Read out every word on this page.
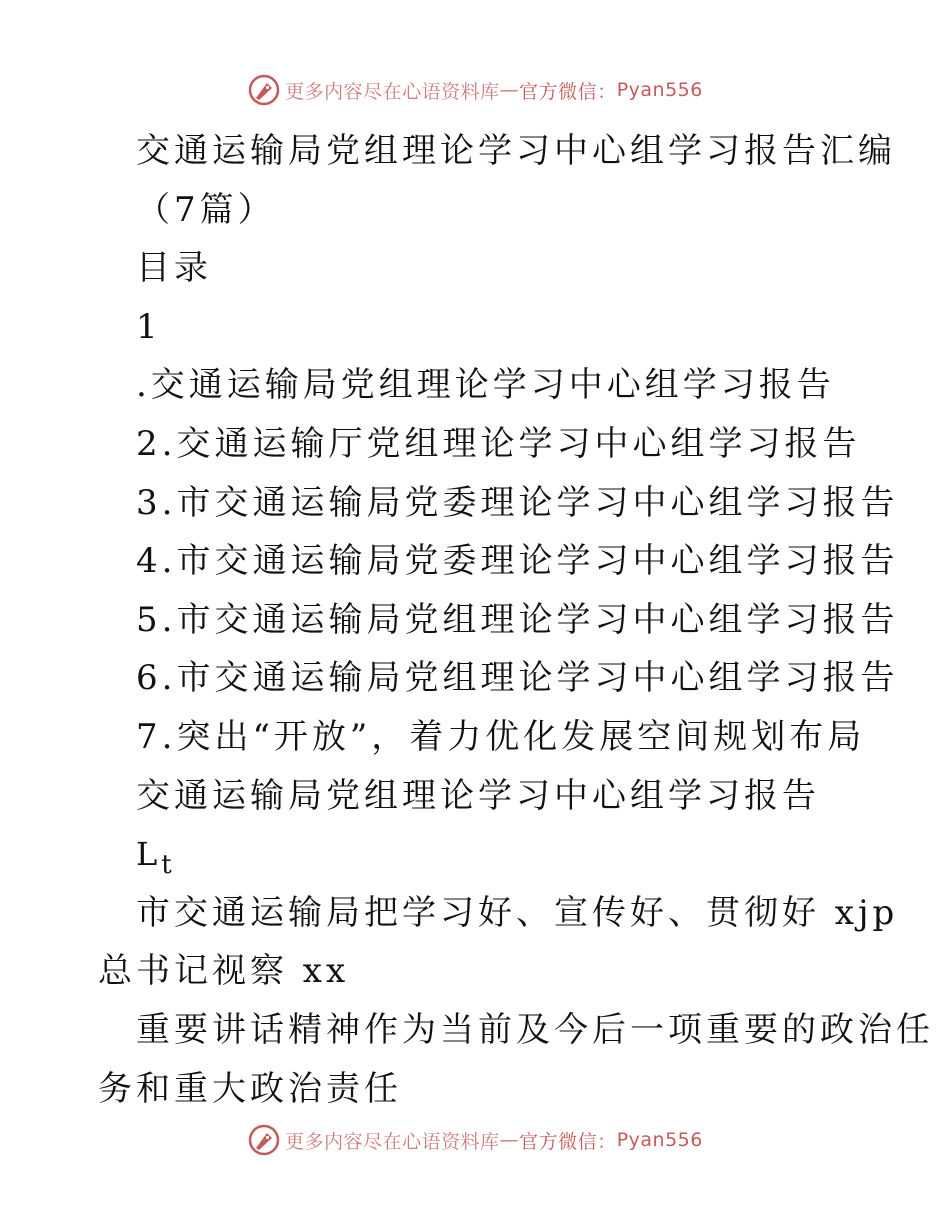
更多内容尽在心语资料库 — 官方微信： Pyan556
交通运输局党组理论学习中心组学习报告汇编
（7篇）
目录
1
.交通运输局党组理论学习中心组学习报告
2.交通运输厅党组理论学习中心组学习报告
3.市交通运输局党委理论学习中心组学习报告
4.市交通运输局党委理论学习中心组学习报告
5.市交通运输局党组理论学习中心组学习报告
6.市交通运输局党组理论学习中心组学习报告
7.突出“开放”，着力优化发展空间规划布局
交通运输局党组理论学习中心组学习报告
$L_t$
市交通运输局把学习好、宣传好、贯彻好 xjp
总书记视察 xx
重要讲话精神作为当前及今后一项重要的政治任
务和重大政治责任
更多内容尽在心语资料库 — 官方微信： Pyan556
